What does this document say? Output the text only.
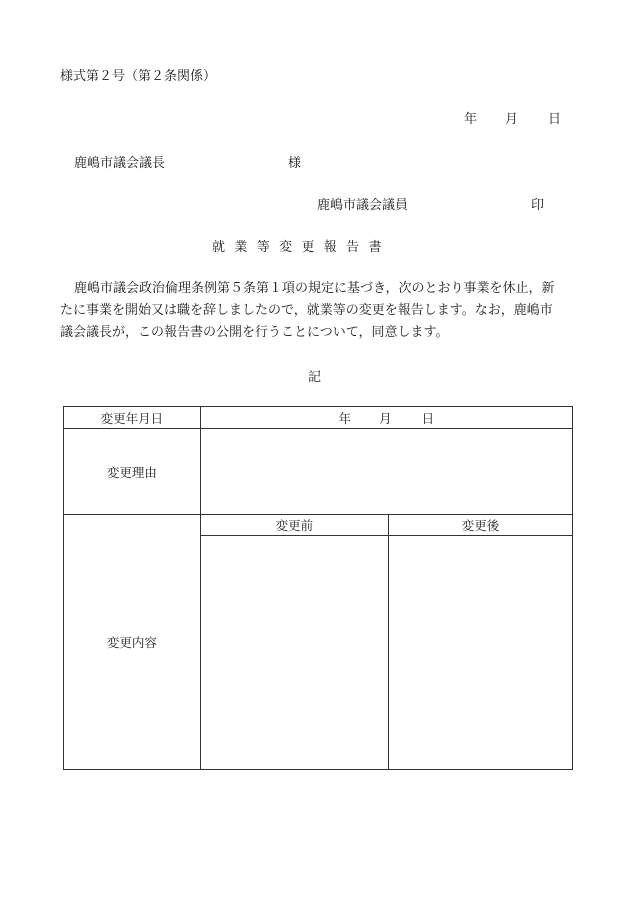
様式第２号（第２条関係）
年 月 日
鹿嶋市議会議長	様
鹿嶋市議会議員	印
就業等変更報告書

鹿嶋市議会政治倫理条例第５条第１項の規定に基づき，次のとおり事業を休止，新

たに事業を開始又は職を辞しましたので，就業等の変更を報告します。なお，鹿嶋市

議会議長が，この報告書の公開を行うことについて，同意します。

記
変更年月日	年 月 日	
変更理由		
変更内容	変更前	変更後
